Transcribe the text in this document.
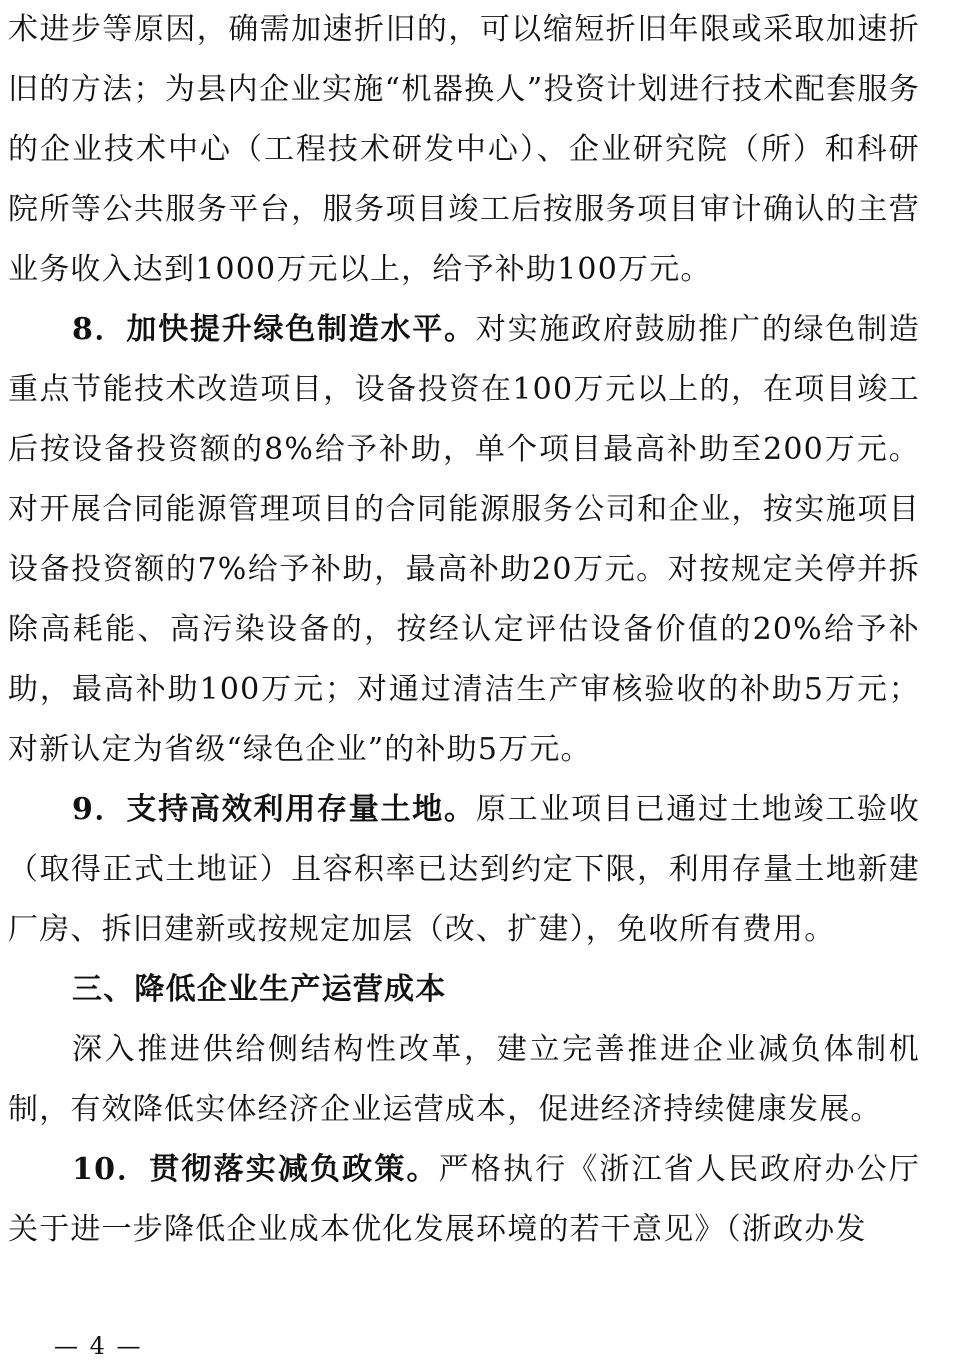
术进步等原因，确需加速折旧的，可以缩短折旧年限或采取加速折旧的方法；为县内企业实施“机器换人”投资计划进行技术配套服务的企业技术中心（工程技术研发中心）、企业研究院（所）和科研院所等公共服务平台，服务项目竣工后按服务项目审计确认的主营业务收入达到1000万元以上，给予补助100万元。

8．加快提升绿色制造水平。对实施政府鼓励推广的绿色制造重点节能技术改造项目，设备投资在100万元以上的，在项目竣工后按设备投资额的8%给予补助，单个项目最高补助至200万元。对开展合同能源管理项目的合同能源服务公司和企业，按实施项目设备投资额的7%给予补助，最高补助20万元。对按规定关停并拆除高耗能、高污染设备的，按经认定评估设备价值的20%给予补助，最高补助100万元；对通过清洁生产审核验收的补助5万元；对新认定为省级“绿色企业”的补助5万元。

9．支持高效利用存量土地。原工业项目已通过土地竣工验收（取得正式土地证）且容积率已达到约定下限，利用存量土地新建厂房、拆旧建新或按规定加层（改、扩建），免收所有费用。

三、降低企业生产运营成本

深入推进供给侧结构性改革，建立完善推进企业减负体制机制，有效降低实体经济企业运营成本，促进经济持续健康发展。

10．贯彻落实减负政策。严格执行《浙江省人民政府办公厅关于进一步降低企业成本优化发展环境的若干意见》（浙政办发

— 4 —
